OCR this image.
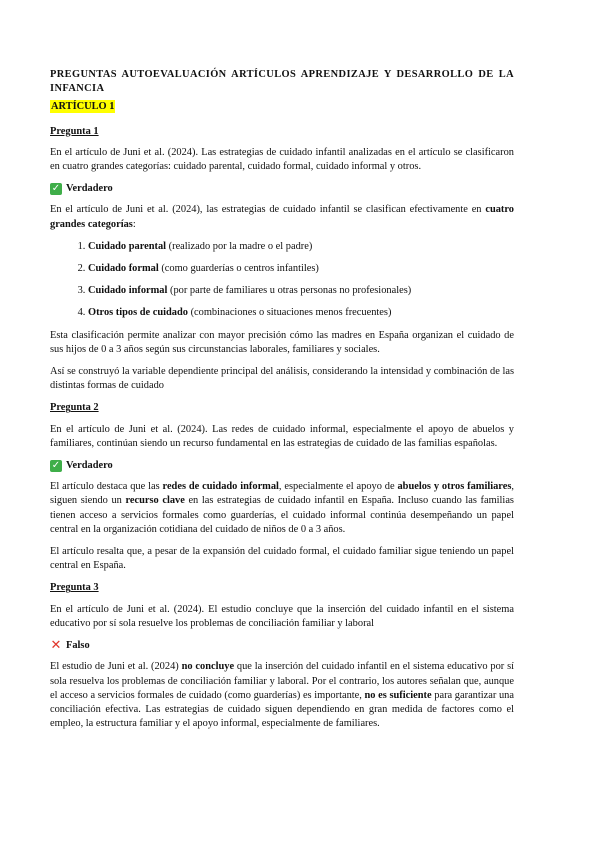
PREGUNTAS AUTOEVALUACIÓN ARTÍCULOS APRENDIZAJE Y DESARROLLO DE LA INFANCIA
ARTÍCULO 1
Pregunta 1

En el artículo de Juni et al. (2024). Las estrategias de cuidado infantil analizadas en el artículo se clasificaron en cuatro grandes categorías: cuidado parental, cuidado formal, cuidado informal y otros.

✓ Verdadero

En el artículo de Juni et al. (2024), las estrategias de cuidado infantil se clasifican efectivamente en cuatro grandes categorías:

1. Cuidado parental (realizado por la madre o el padre)
2. Cuidado formal (como guarderías o centros infantiles)
3. Cuidado informal (por parte de familiares u otras personas no profesionales)
4. Otros tipos de cuidado (combinaciones o situaciones menos frecuentes)

Esta clasificación permite analizar con mayor precisión cómo las madres en España organizan el cuidado de sus hijos de 0 a 3 años según sus circunstancias laborales, familiares y sociales.

Así se construyó la variable dependiente principal del análisis, considerando la intensidad y combinación de las distintas formas de cuidado

Pregunta 2

En el artículo de Juni et al. (2024). Las redes de cuidado informal, especialmente el apoyo de abuelos y familiares, continúan siendo un recurso fundamental en las estrategias de cuidado de las familias españolas.

✓ Verdadero

El artículo destaca que las redes de cuidado informal, especialmente el apoyo de abuelos y otros familiares, siguen siendo un recurso clave en las estrategias de cuidado infantil en España. Incluso cuando las familias tienen acceso a servicios formales como guarderías, el cuidado informal continúa desempeñando un papel central en la organización cotidiana del cuidado de niños de 0 a 3 años.

El artículo resalta que, a pesar de la expansión del cuidado formal, el cuidado familiar sigue teniendo un papel central en España.

Pregunta 3

En el artículo de Juni et al. (2024). El estudio concluye que la inserción del cuidado infantil en el sistema educativo por sí sola resuelve los problemas de conciliación familiar y laboral

✕ Falso

El estudio de Juni et al. (2024) no concluye que la inserción del cuidado infantil en el sistema educativo por sí sola resuelva los problemas de conciliación familiar y laboral. Por el contrario, los autores señalan que, aunque el acceso a servicios formales de cuidado (como guarderías) es importante, no es suficiente para garantizar una conciliación efectiva. Las estrategias de cuidado siguen dependiendo en gran medida de factores como el empleo, la estructura familiar y el apoyo informal, especialmente de familiares.
